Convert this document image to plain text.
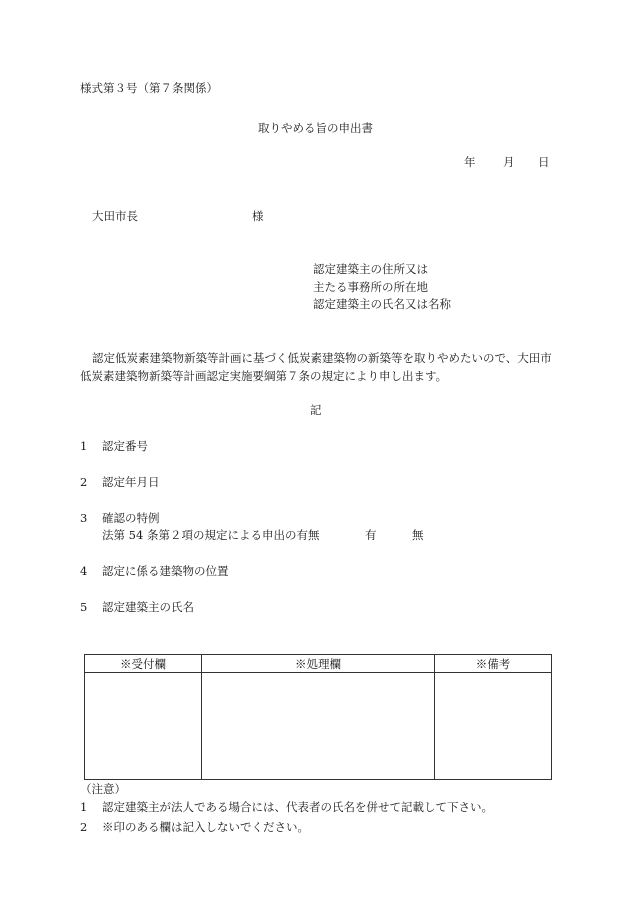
様式第３号（第７条関係）
取りやめる旨の申出書
年 月 日
大田市長	様
認定建築主の住所又は
主たる事務所の所在地
認定建築主の氏名又は名称
認定低炭素建築物新築等計画に基づく低炭素建築物の新築等を取りやめたいので、大田市
低炭素建築物新築等計画認定実施要綱第７条の規定により申し出ます。
記
1 認定番号
2 認定年月日
3 確認の特例
法第 54 条第２項の規定による申出の有無	有	無
4 認定に係る建築物の位置
5 認定建築主の氏名
※受付欄	※処理欄	※備考

（注意）
1 認定建築主が法人である場合には、代表者の氏名を併せて記載して下さい。
2 ※印のある欄は記入しないでください。
